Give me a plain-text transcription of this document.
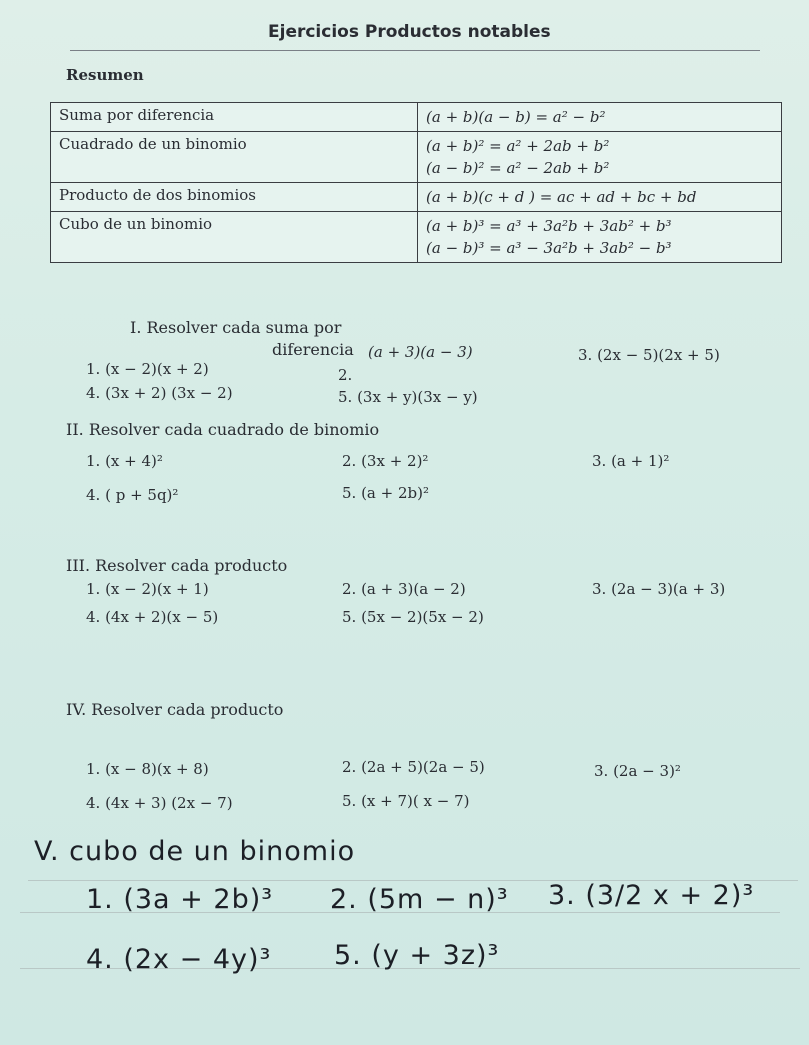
Ejercicios Productos notables
Resumen
Suma por diferencia	(a + b)(a − b) = a² − b²

Cuadrado de un binomio	(a + b)² = a² + 2ab + b²
(a − b)² = a² − 2ab + b²

Producto de dos binomios	(a + b)(c + d ) = ac + ad + bc + bd

Cubo de un binomio	(a + b)³ = a³ + 3a²b + 3ab² + b³
(a − b)³ = a³ − 3a²b + 3ab² − b³
I. Resolver cada suma por
diferencia
1. (x − 2)(x + 2)	2.
(a + 3)(a − 3)	3. (2x − 5)(2x + 5)
4. (3x + 2) (3x − 2)	5. (3x + y)(3x − y)
II. Resolver cada cuadrado de binomio
1. (x + 4)²	2. (3x + 2)²	3. (a + 1)²
4. ( p + 5q)²	5. (a + 2b)²
III. Resolver cada producto
1. (x − 2)(x + 1)	2. (a + 3)(a − 2)	3. (2a − 3)(a + 3)
4. (4x + 2)(x − 5)	5. (5x − 2)(5x − 2)
IV. Resolver cada producto
1. (x − 8)(x + 8)	2. (2a + 5)(2a − 5)	3. (2a − 3)²
4. (4x + 3) (2x − 7)	5. (x + 7)( x − 7)
V. cubo de un binomio
1. (3a + 2b)³ 2. (5m − n)³ 3. (3/2 x + 2)³
4. (2x − 4y)³ 5. (y + 3z)³
